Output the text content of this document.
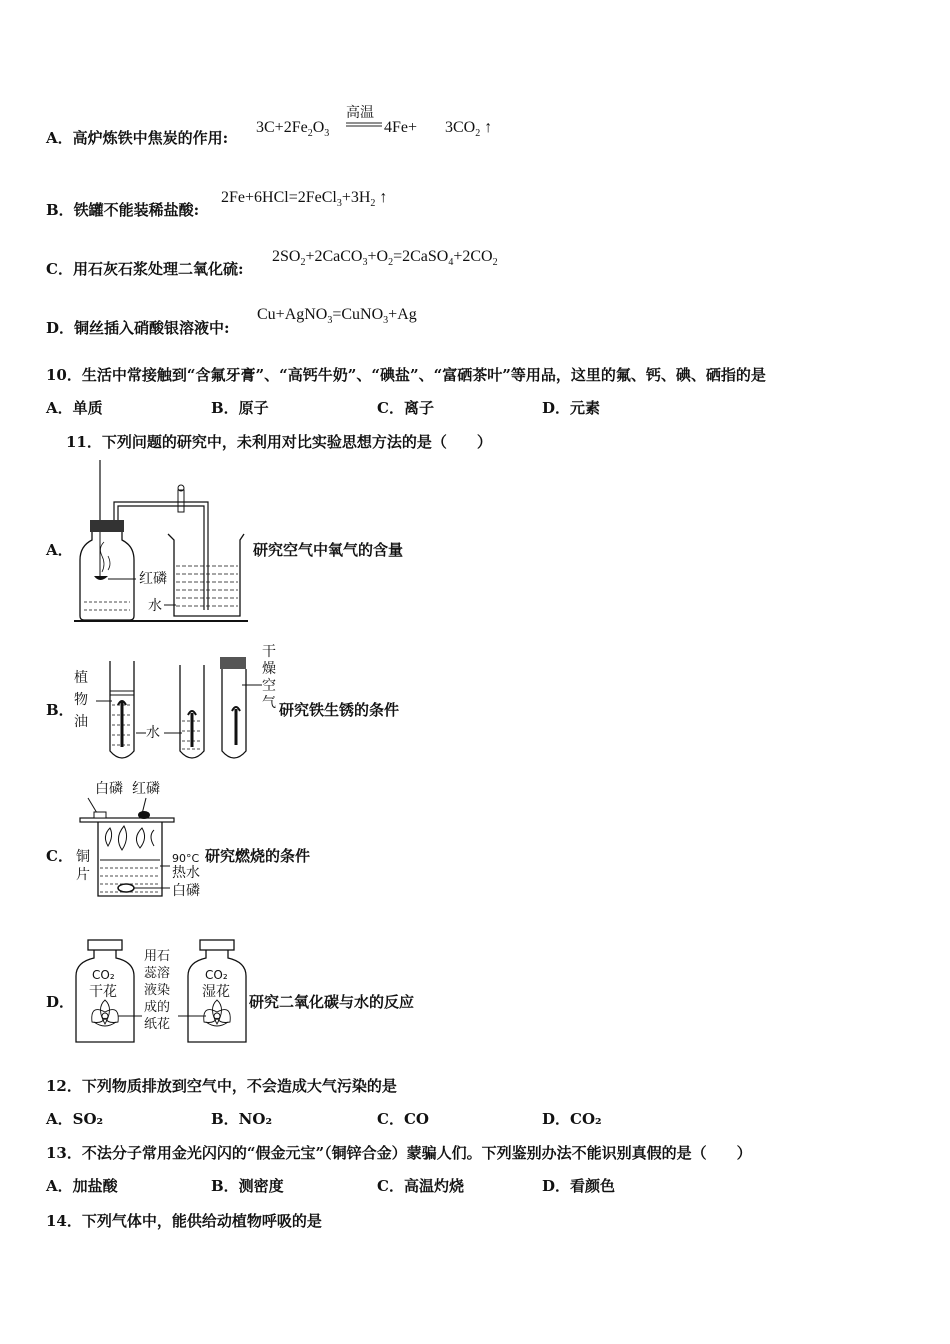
A．高炉炼铁中焦炭的作用:
高温
$3C+2Fe_2O_3$	$4Fe+ 3CO_2$ ↑
B．铁罐不能装稀盐酸:
$2Fe+6HCl=2FeCl_3+3H_2$ ↑
C．用石灰石浆处理二氧化硫:
$2SO_2+2CaCO_3+O_2=2CaSO_4+2CO_2$
D．铜丝插入硝酸银溶液中:
Cu+AgNO$_3$=CuNO$_3$+Ag
10．生活中常接触到“含氟牙膏”、“高钙牛奶”、“碘盐”、“富硒茶叶”等用品，这里的氟、钙、碘、硒指的是
A．单质	B．原子	C．离子	D．元素
11．下列问题的研究中，未利用对比实验思想方法的是（　　）
A．
红磷
水
研究空气中氧气的含量
B．
植物油
水
干燥空气 研究铁生锈的条件
C．
白磷 红磷
铜片
90°C
热水
白磷
研究燃烧的条件
D．
CO₂
干花
CO₂
湿花
用石蕊溶液染成的纸花
研究二氧化碳与水的反应
12．下列物质排放到空气中，不会造成大气污染的是
A．SO₂	B．NO₂	C．CO	D．CO₂
13．不法分子常用金光闪闪的“假金元宝”（铜锌合金）蒙骗人们。下列鉴别办法不能识别真假的是（　　）
A．加盐酸	B．测密度	C．高温灼烧	D．看颜色
14．下列气体中，能供给动植物呼吸的是
